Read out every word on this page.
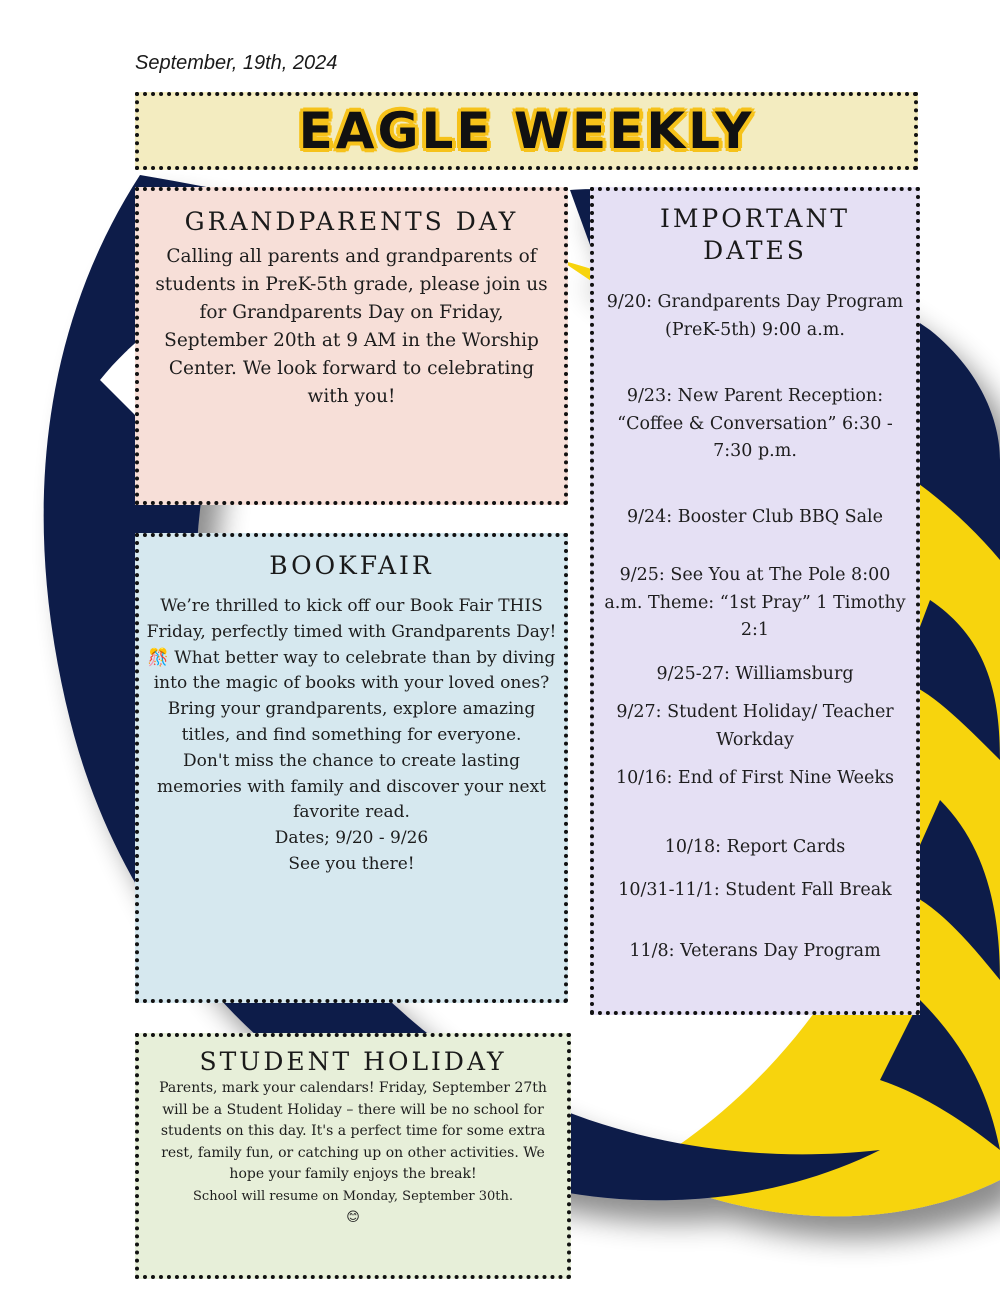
September, 19th, 2024
EAGLE WEEKLY
GRANDPARENTS DAY

Calling all parents and grandparents of students in PreK-5th grade, please join us for Grandparents Day on Friday, September 20th at 9 AM in the Worship Center. We look forward to celebrating with you!

BOOKFAIR

We’re thrilled to kick off our Book Fair THIS Friday, perfectly timed with Grandparents Day! 🎊 What better way to celebrate than by diving into the magic of books with your loved ones? Bring your grandparents, explore amazing titles, and find something for everyone.
Don't miss the chance to create lasting memories with family and discover your next favorite read.
Dates; 9/20 - 9/26
See you there!

IMPORTANT DATES
9/20: Grandparents Day Program (PreK-5th) 9:00 a.m.
9/23: New Parent Reception: “Coffee & Conversation” 6:30 - 7:30 p.m.
9/24: Booster Club BBQ Sale
9/25: See You at The Pole 8:00 a.m. Theme: “1st Pray” 1 Timothy 2:1
9/25-27: Williamsburg
9/27: Student Holiday/ Teacher Workday
10/16: End of First Nine Weeks
10/18: Report Cards
10/31-11/1: Student Fall Break
11/8: Veterans Day Program
STUDENT HOLIDAY

Parents, mark your calendars! Friday, September 27th will be a Student Holiday – there will be no school for students on this day. It's a perfect time for some extra rest, family fun, or catching up on other activities. We hope your family enjoys the break!

School will resume on Monday, September 30th.
😊
